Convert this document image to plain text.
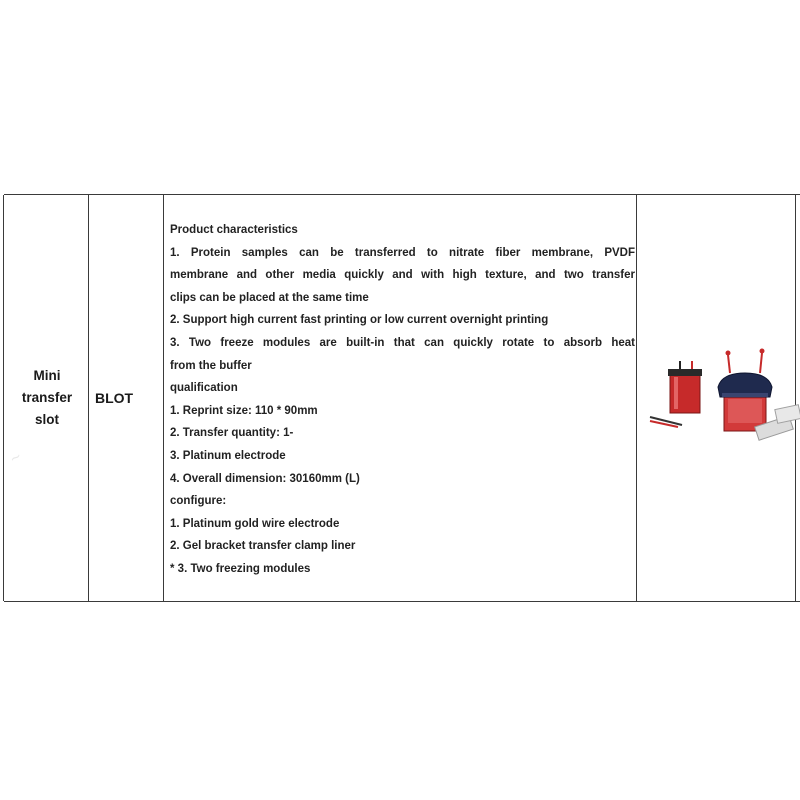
~
Mini
transfer
slot
BLOT
Product characteristics
1. Protein samples can be transferred to nitrate fiber membrane, PVDF
membrane and other media quickly and with high texture, and two transfer
clips can be placed at the same time
2. Support high current fast printing or low current overnight printing
3. Two freeze modules are built-in that can quickly rotate to absorb heat
from the buffer
qualification
1. Reprint size: 110 * 90mm
2. Transfer quantity: 1-
3. Platinum electrode
4. Overall dimension: 30160mm (L)
configure:
1. Platinum gold wire electrode
2. Gel bracket transfer clamp liner
* 3. Two freezing modules
